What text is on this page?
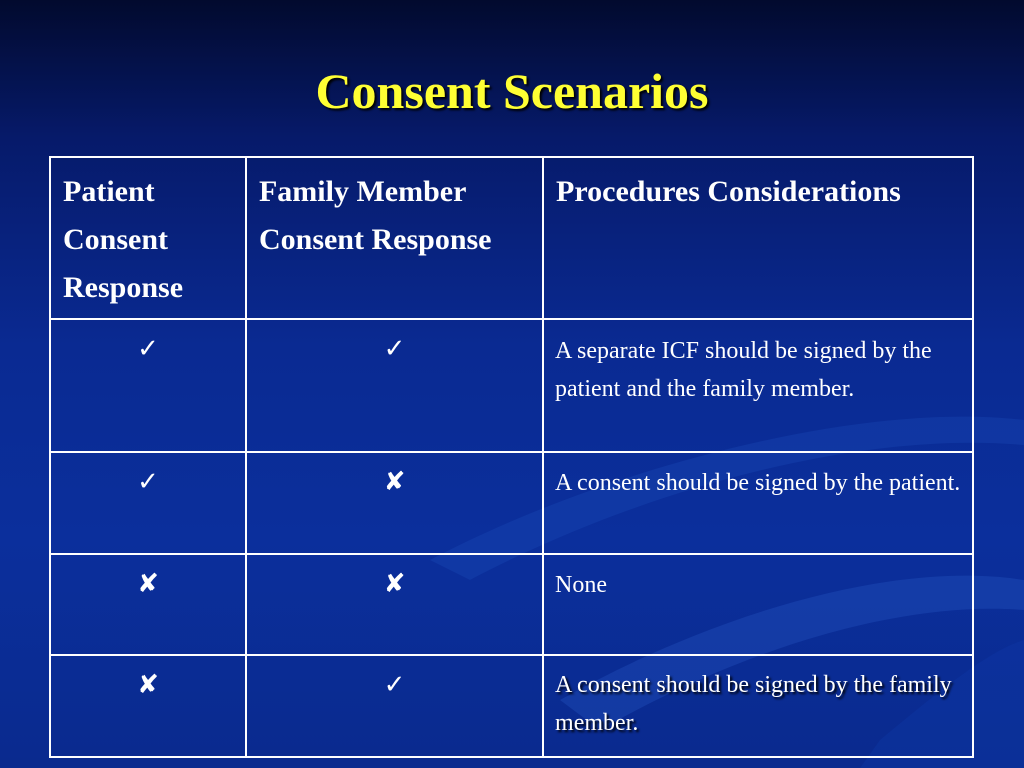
Consent Scenarios
Patient Consent Response	Family Member Consent Response	Procedures Considerations

✓	✓	A separate ICF should be signed by the patient and the family member.

✓	✘	A consent should be signed by the patient.

✘	✘	None

✘	✓	A consent should be signed by the family member.
